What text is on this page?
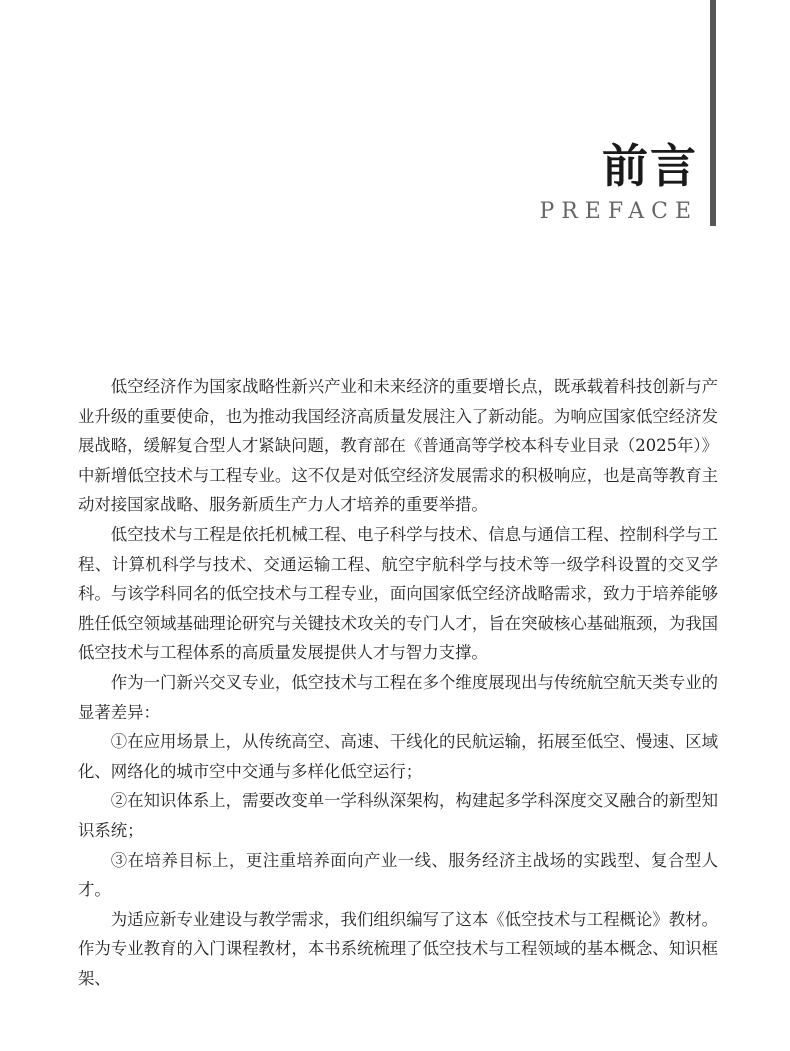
前言
PREFACE

低空经济作为国家战略性新兴产业和未来经济的重要增长点，既承载着科技创新与产业升级的重要使命，也为推动我国经济高质量发展注入了新动能。为响应国家低空经济发展战略，缓解复合型人才紧缺问题，教育部在《普通高等学校本科专业目录（2025年）》中新增低空技术与工程专业。这不仅是对低空经济发展需求的积极响应，也是高等教育主动对接国家战略、服务新质生产力人才培养的重要举措。

低空技术与工程是依托机械工程、电子科学与技术、信息与通信工程、控制科学与工程、计算机科学与技术、交通运输工程、航空宇航科学与技术等一级学科设置的交叉学科。与该学科同名的低空技术与工程专业，面向国家低空经济战略需求，致力于培养能够胜任低空领域基础理论研究与关键技术攻关的专门人才，旨在突破核心基础瓶颈，为我国低空技术与工程体系的高质量发展提供人才与智力支撑。

作为一门新兴交叉专业，低空技术与工程在多个维度展现出与传统航空航天类专业的显著差异：

①在应用场景上，从传统高空、高速、干线化的民航运输，拓展至低空、慢速、区域化、网络化的城市空中交通与多样化低空运行；

②在知识体系上，需要改变单一学科纵深架构，构建起多学科深度交叉融合的新型知识系统；

③在培养目标上，更注重培养面向产业一线、服务经济主战场的实践型、复合型人才。

为适应新专业建设与教学需求，我们组织编写了这本《低空技术与工程概论》教材。作为专业教育的入门课程教材，本书系统梳理了低空技术与工程领域的基本概念、知识框架、
